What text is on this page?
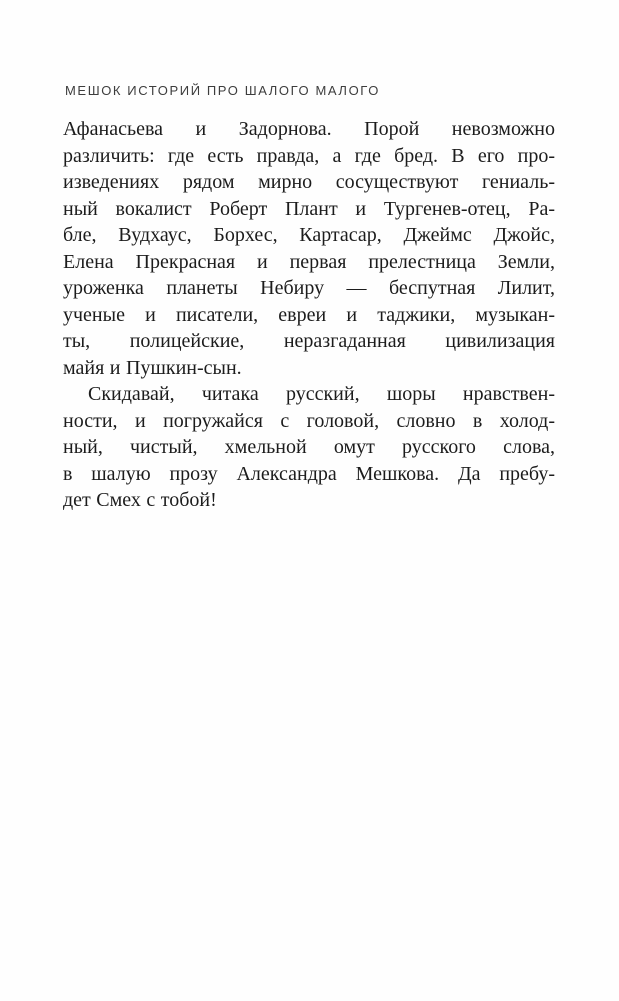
МЕШОК ИСТОРИЙ ПРО ШАЛОГО МАЛОГО
Афанасьева и Задорнова. Порой невозможно
различить: где есть правда, а где бред. В его про-
изведениях рядом мирно сосуществуют гениаль-
ный вокалист Роберт Плант и Тургенев-отец, Ра-
бле, Вудхаус, Борхес, Картасар, Джеймс Джойс,
Елена Прекрасная и первая прелестница Земли,
уроженка планеты Небиру — беспутная Лилит,
ученые и писатели, евреи и таджики, музыкан-
ты, полицейские, неразгаданная цивилизация
майя и Пушкин-сын.
Скидавай, читака русский, шоры нравствен-
ности, и погружайся с головой, словно в холод-
ный, чистый, хмельной омут русского слова,
в шалую прозу Александра Мешкова. Да пребу-
дет Смех с тобой!
